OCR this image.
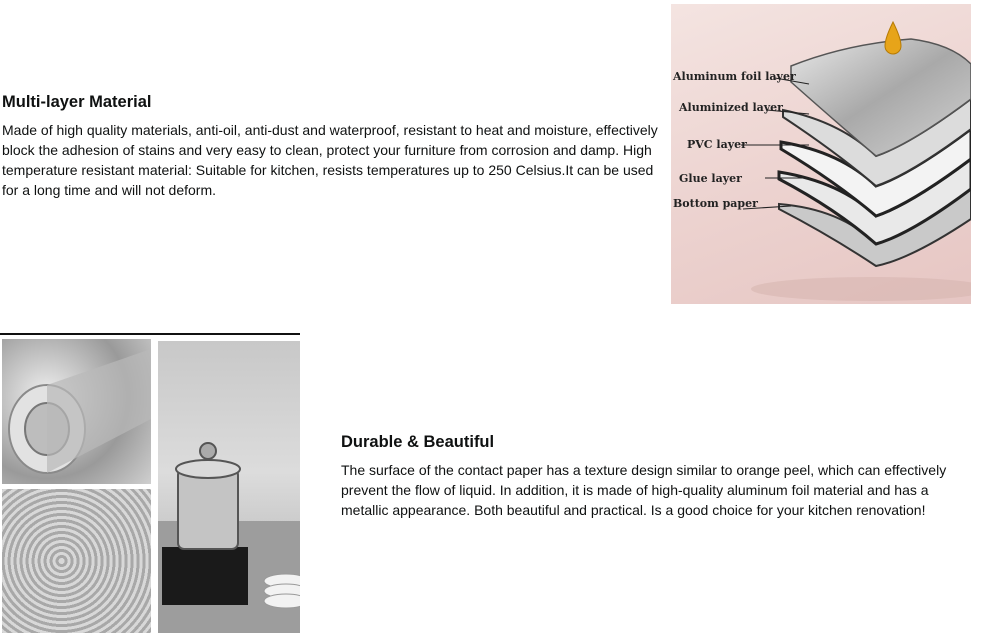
Multi-layer Material

Made of high quality materials, anti-oil, anti-dust and waterproof, resistant to heat and moisture, effectively block the adhesion of stains and very easy to clean, protect your furniture from corrosion and damp. High temperature resistant material: Suitable for kitchen, resists temperatures up to 250 Celsius.It can be used for a long time and will not deform.

Aluminum foil layer
Aluminized layer
PVC layer
Glue layer
Bottom paper
Durable & Beautiful

The surface of the contact paper has a texture design similar to orange peel, which can effectively prevent the flow of liquid. In addition, it is made of high-quality aluminum foil material and has a metallic appearance. Both beautiful and practical. Is a good choice for your kitchen renovation!
